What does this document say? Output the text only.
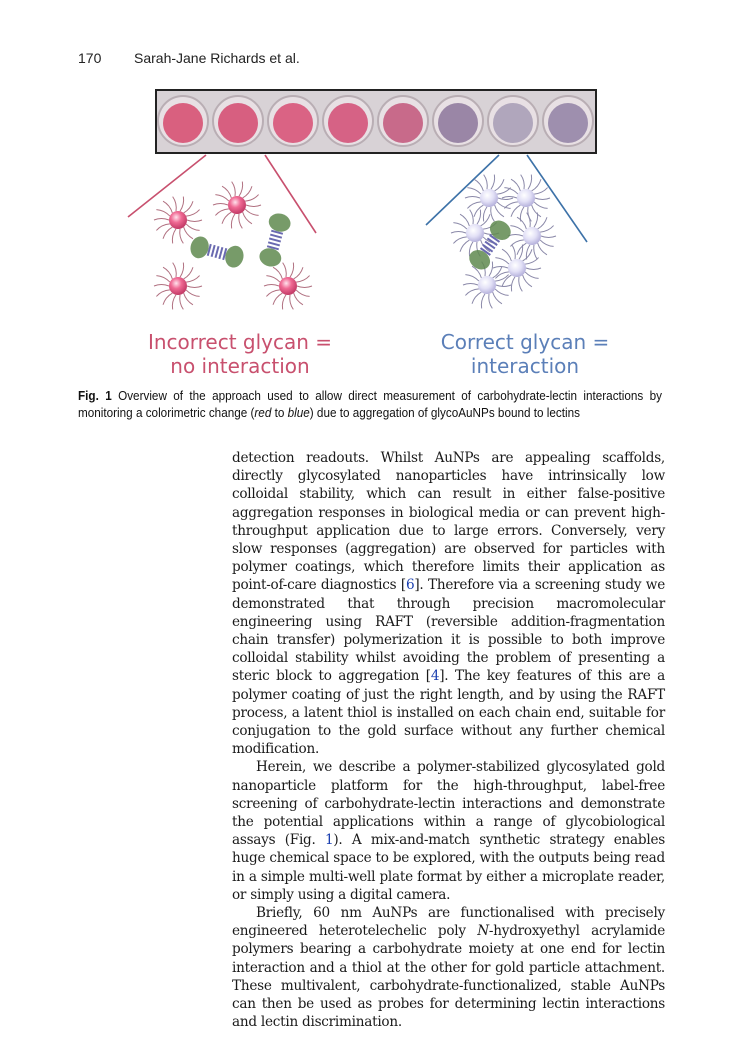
170 Sarah-Jane Richards et al.
Incorrect glycan =
no interaction
Correct glycan =
interaction
Fig. 1 Overview of the approach used to allow direct measurement of carbohydrate-lectin interactions by monitoring a colorimetric change (red to blue) due to aggregation of glycoAuNPs bound to lectins

detection readouts. Whilst AuNPs are appealing scaffolds, directly glycosylated nanoparticles have intrinsically low colloidal stability, which can result in either false-positive aggregation responses in biological media or can prevent high-throughput application due to large errors. Conversely, very slow responses (aggregation) are observed for particles with polymer coatings, which therefore limits their application as point-of-care diagnostics [6]. Therefore via a screening study we demonstrated that through precision macromolecular engineering using RAFT (reversible addition-fragmentation chain transfer) polymerization it is possible to both improve colloidal stability whilst avoiding the problem of presenting a steric block to aggregation [4]. The key features of this are a polymer coating of just the right length, and by using the RAFT process, a latent thiol is installed on each chain end, suitable for conjugation to the gold surface without any further chemical modification.

Herein, we describe a polymer-stabilized glycosylated gold nanoparticle platform for the high-throughput, label-free screening of carbohydrate-lectin interactions and demonstrate the potential applications within a range of glycobiological assays (Fig. 1). A mix-and-match synthetic strategy enables huge chemical space to be explored, with the outputs being read in a simple multi-well plate format by either a microplate reader, or simply using a digital camera.

Briefly, 60 nm AuNPs are functionalised with precisely engineered heterotelechelic poly N-hydroxyethyl acrylamide polymers bearing a carbohydrate moiety at one end for lectin interaction and a thiol at the other for gold particle attachment. These multivalent, carbohydrate-functionalized, stable AuNPs can then be used as probes for determining lectin interactions and lectin discrimination.
